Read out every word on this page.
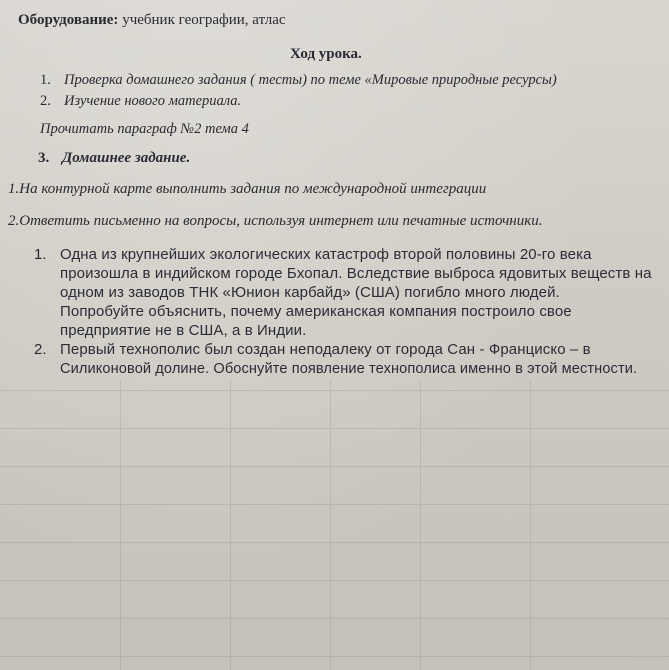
Оборудование: учебник географии, атлас
Ход урока.
1. Проверка домашнего задания ( тесты) по теме «Мировые природные ресурсы)
2. Изучение нового материала.
Прочитать параграф №2 тема 4
3. Домашнее задание.
1.На контурной карте выполнить задания по международной интеграции
2.Ответить письменно на вопросы, используя интернет или печатные источники.
1. Одна из крупнейших экологических катастроф второй половины 20-го века
произошла в индийском городе Бхопал. Вследствие выброса ядовитых веществ на
одном из заводов ТНК «Юнион карбайд» (США) погибло много людей.
Попробуйте объяснить, почему американская компания построило свое
предприятие не в США, а в Индии.
2. Первый технополис был создан неподалеку от города Сан - Франциско – в
Силиконовой долине. Обоснуйте появление технополиса именно в этой местности.
